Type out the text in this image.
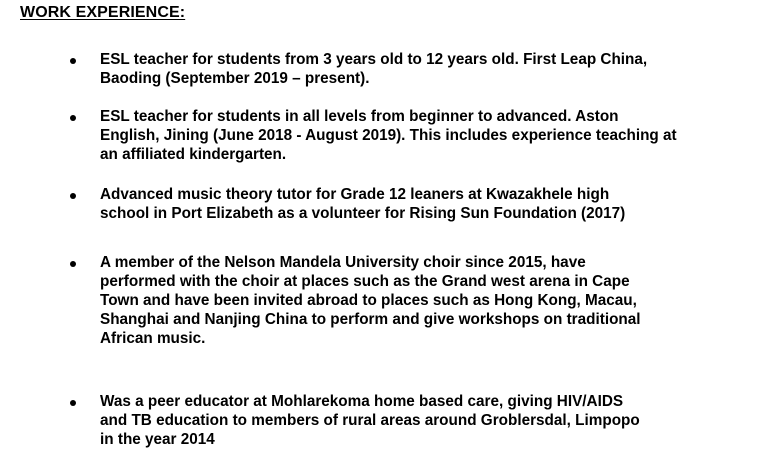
WORK EXPERIENCE:

ESL teacher for students from 3 years old to 12 years old. First Leap China,
Baoding (September 2019 – present).

ESL teacher for students in all levels from beginner to advanced. Aston
English, Jining (June 2018 - August 2019). This includes experience teaching at
an affiliated kindergarten.

Advanced music theory tutor for Grade 12 leaners at Kwazakhele high
school in Port Elizabeth as a volunteer for Rising Sun Foundation (2017)

A member of the Nelson Mandela University choir since 2015, have
performed with the choir at places such as the Grand west arena in Cape
Town and have been invited abroad to places such as Hong Kong, Macau,
Shanghai and Nanjing China to perform and give workshops on traditional
African music.

Was a peer educator at Mohlarekoma home based care, giving HIV/AIDS
and TB education to members of rural areas around Groblersdal, Limpopo
in the year 2014
